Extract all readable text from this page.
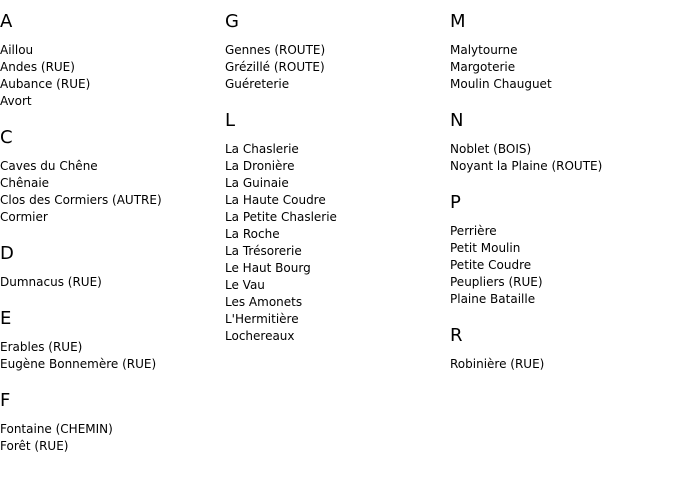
A
Aillou
Andes (RUE)
Aubance (RUE)
Avort
C
Caves du Chêne
Chênaie
Clos des Cormiers (AUTRE)
Cormier
D
Dumnacus (RUE)
E
Erables (RUE)
Eugène Bonnemère (RUE)
F
Fontaine (CHEMIN)
Forêt (RUE)
G
Gennes (ROUTE)
Grézillé (ROUTE)
Guéreterie
L
La Chaslerie
La Dronière
La Guinaie
La Haute Coudre
La Petite Chaslerie
La Roche
La Trésorerie
Le Haut Bourg
Le Vau
Les Amonets
L'Hermitière
Lochereaux
M
Malytourne
Margoterie
Moulin Chauguet
N
Noblet (BOIS)
Noyant la Plaine (ROUTE)
P
Perrière
Petit Moulin
Petite Coudre
Peupliers (RUE)
Plaine Bataille
R
Robinière (RUE)
